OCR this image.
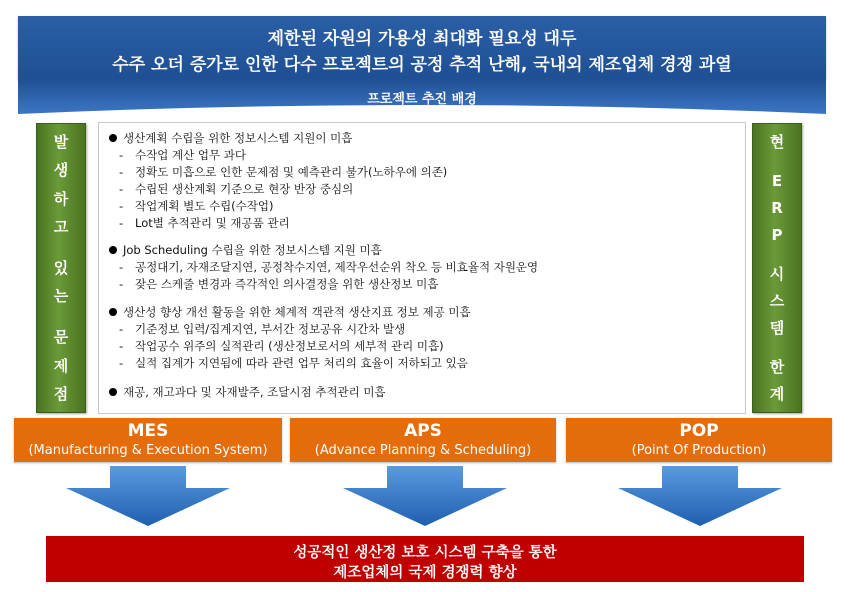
제한된 자원의 가용성 최대화 필요성 대두
수주 오더 증가로 인한 다수 프로젝트의 공정 추적 난해, 국내외 제조업체 경쟁 과열
프로젝트 추진 배경
발
생
하
고
있
는
문
제
점
생산계획 수립을 위한 정보시스템 지원이 미흡
- 수작업 계산 업무 과다
- 정확도 미흡으로 인한 문제점 및 예측관리 불가(노하우에 의존)
- 수립된 생산계획 기준으로 현장 반장 중심의
- 작업계획 별도 수립(수작업)
- Lot별 추적관리 및 재공품 관리
Job Scheduling 수립을 위한 정보시스템 지원 미흡
- 공정대기, 자재조달지연, 공정착수지연, 제작우선순위 착오 등 비효율적 자원운영
- 잦은 스케줄 변경과 즉각적인 의사결정을 위한 생산정보 미흡
생산성 향상 개선 활동을 위한 체계적 객관적 생산지표 정보 제공 미흡
- 기준정보 입력/집계지연, 부서간 정보공유 시간차 발생
- 작업공수 위주의 실적관리 (생산정보로서의 세부적 관리 미흡)
- 실적 집계가 지연됨에 따라 관련 업무 처리의 효율이 저하되고 있음
재공, 재고과다 및 자재발주, 조달시점 추적관리 미흡
현
E
R
P
시
스
템
한
계
MES
(Manufacturing & Execution System)
APS
(Advance Planning & Scheduling)
POP
(Point Of Production)
성공적인 생산정 보호 시스템 구축을 통한
제조업체의 국제 경쟁력 향상
